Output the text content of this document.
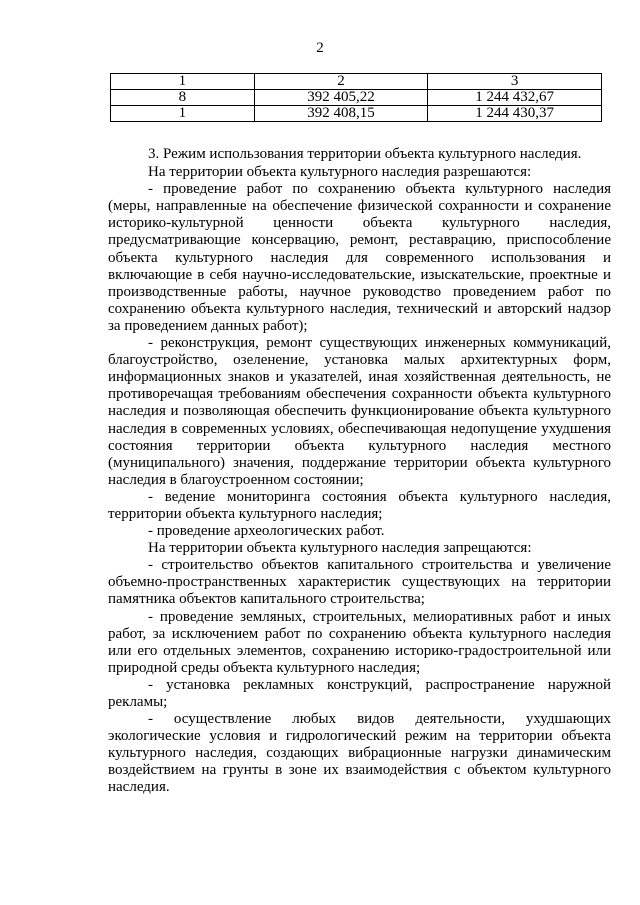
2
1	2	3
8	392 405,22	1 244 432,67
1	392 408,15	1 244 430,37

3. Режим использования территории объекта культурного наследия.

На территории объекта культурного наследия разрешаются:

- проведение работ по сохранению объекта культурного наследия (меры, направленные на обеспечение физической сохранности и сохранение историко-культурной ценности объекта культурного наследия, предусматривающие консервацию, ремонт, реставрацию, приспособление объекта культурного наследия для современного использования и включающие в себя научно-исследовательские, изыскательские, проектные и производственные работы, научное руководство проведением работ по сохранению объекта культурного наследия, технический и авторский надзор за проведением данных работ);

- реконструкция, ремонт существующих инженерных коммуникаций, благоустройство, озеленение, установка малых архитектурных форм, информационных знаков и указателей, иная хозяйственная деятельность, не противоречащая требованиям обеспечения сохранности объекта культурного наследия и позволяющая обеспечить функционирование объекта культурного наследия в современных условиях, обеспечивающая недопущение ухудшения состояния территории объекта культурного наследия местного (муниципального) значения, поддержание территории объекта культурного наследия в благоустроенном состоянии;

- ведение мониторинга состояния объекта культурного наследия, территории объекта культурного наследия;

- проведение археологических работ.

На территории объекта культурного наследия запрещаются:

- строительство объектов капитального строительства и увеличение объемно-пространственных характеристик существующих на территории памятника объектов капитального строительства;

- проведение земляных, строительных, мелиоративных работ и иных работ, за исключением работ по сохранению объекта культурного наследия или его отдельных элементов, сохранению историко-градостроительной или природной среды объекта культурного наследия;

- установка рекламных конструкций, распространение наружной рекламы;

- осуществление любых видов деятельности, ухудшающих экологические условия и гидрологический режим на территории объекта культурного наследия, создающих вибрационные нагрузки динамическим воздействием на грунты в зоне их взаимодействия с объектом культурного наследия.
